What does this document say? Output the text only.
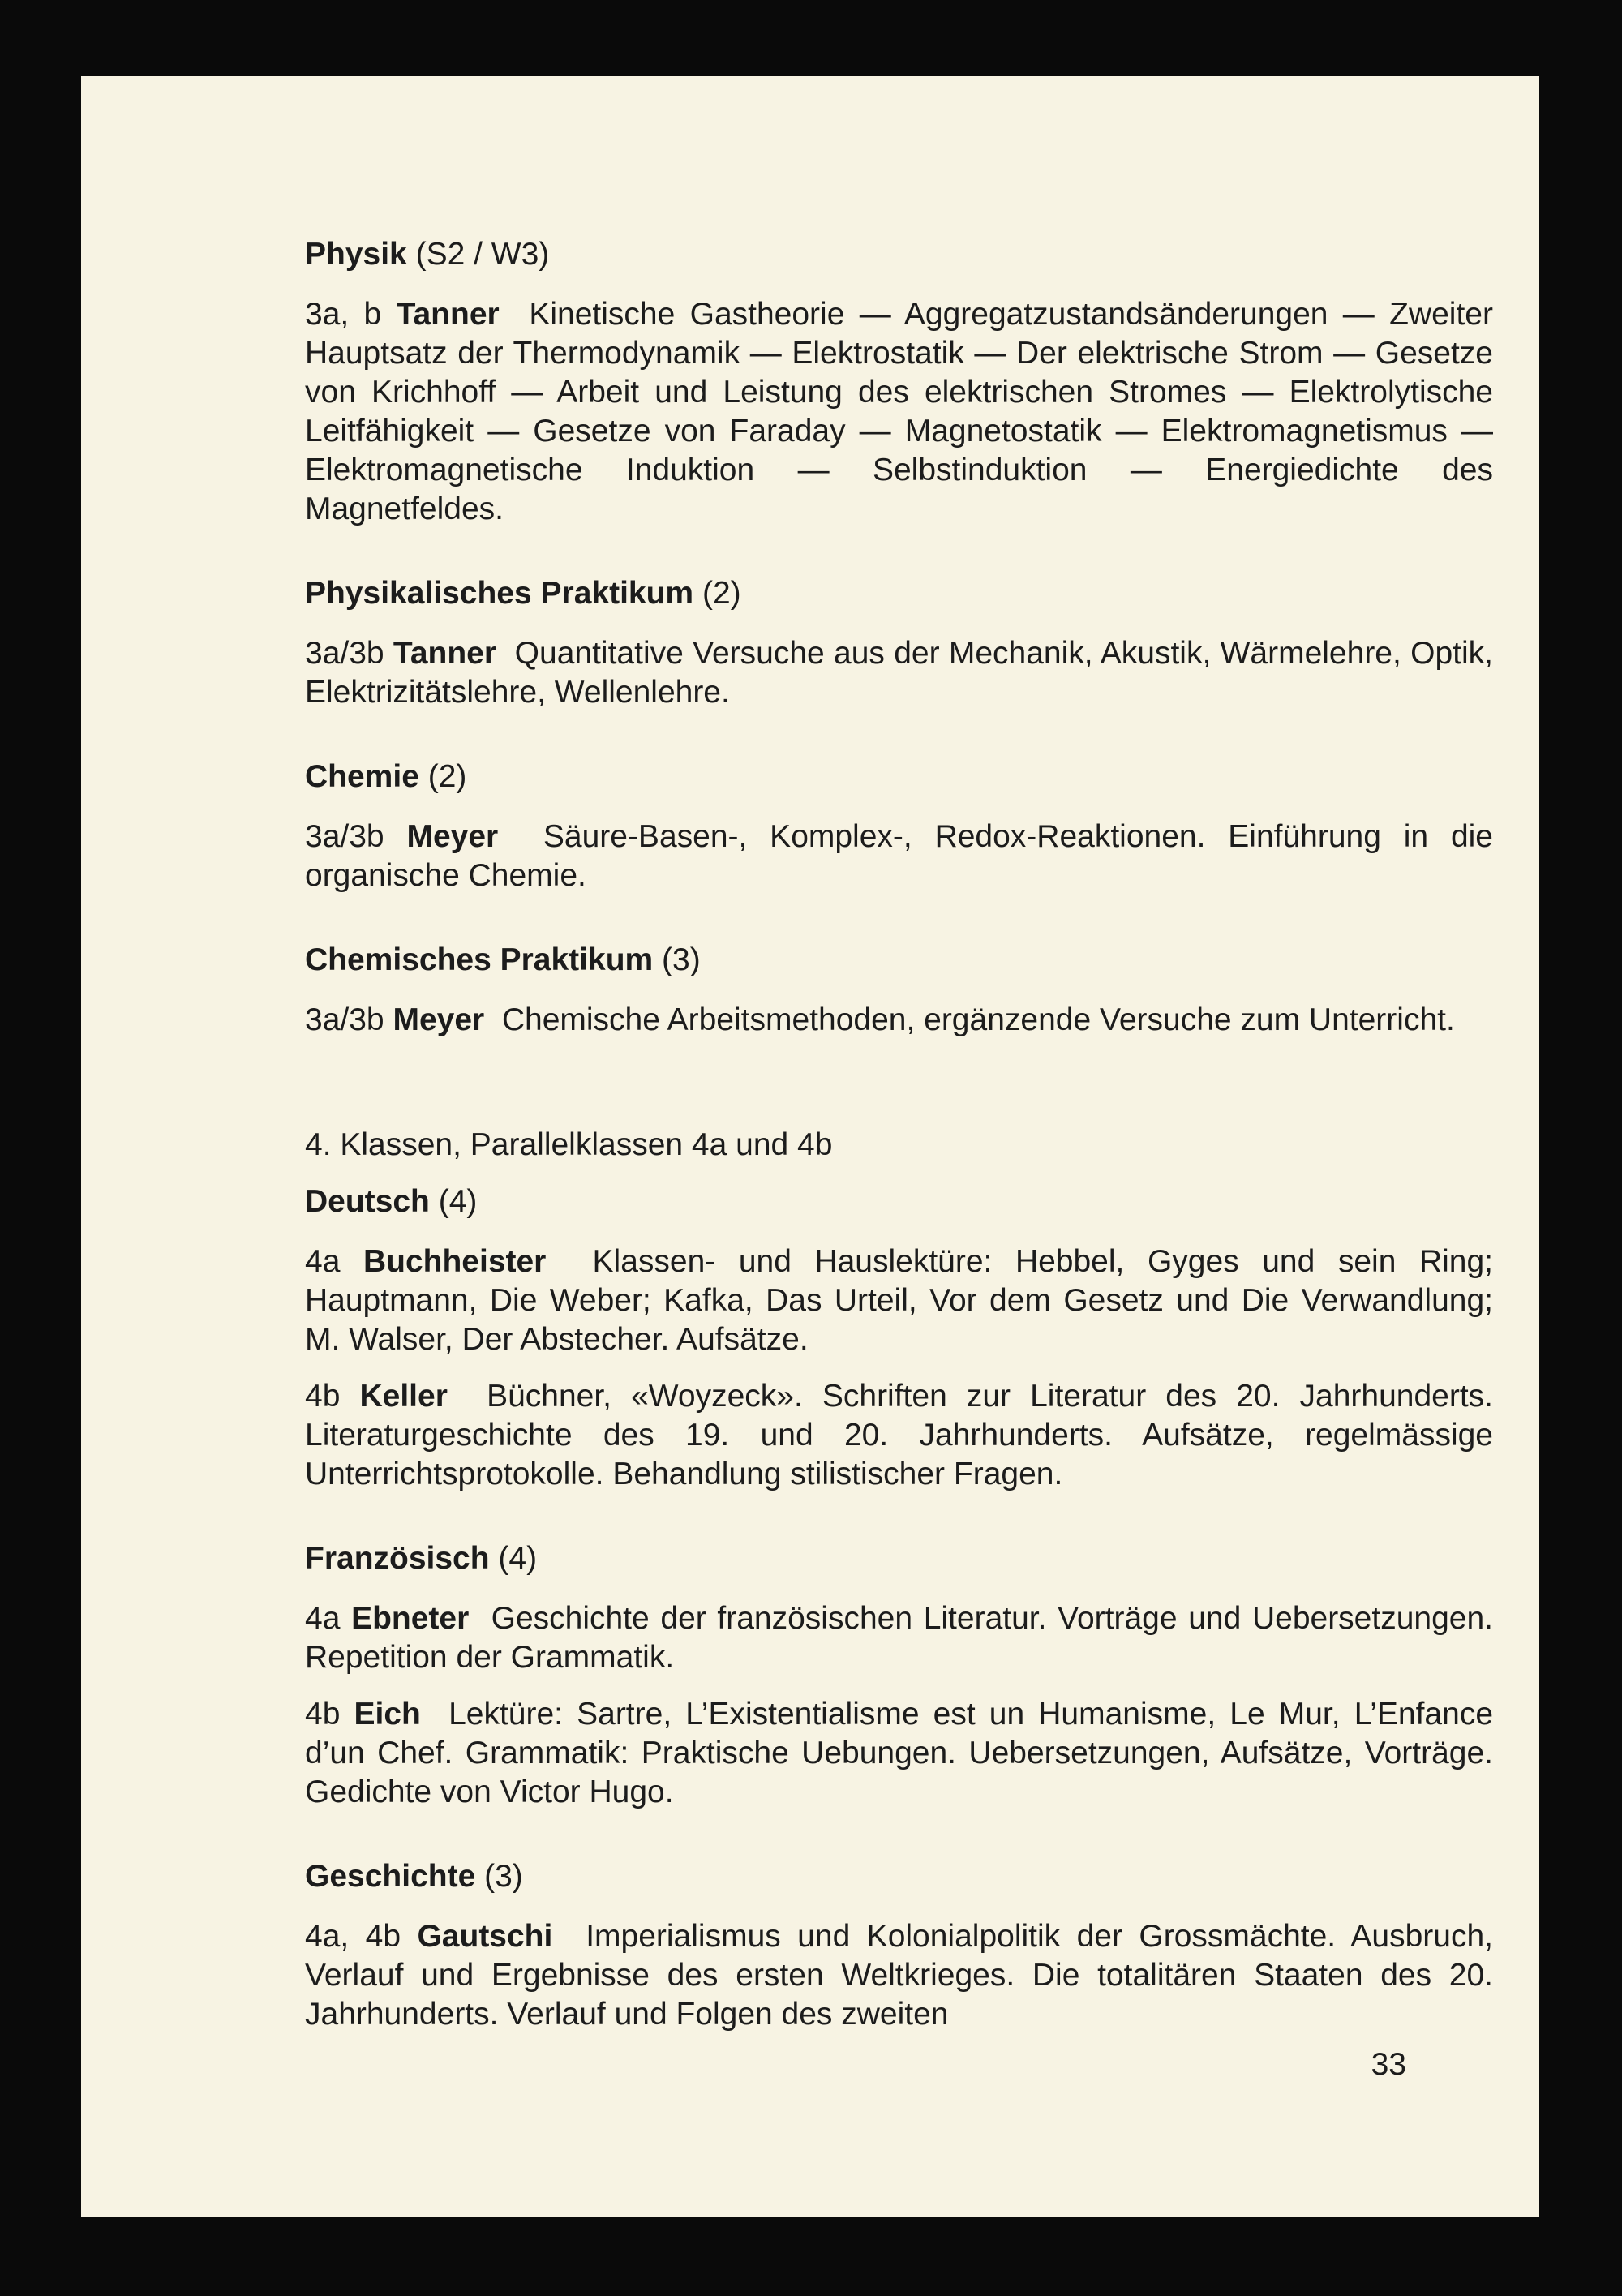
Physik (S2 / W3)

3a, b Tanner Kinetische Gastheorie — Aggregatzustandsänderungen — Zweiter Hauptsatz der Thermodynamik — Elektrostatik — Der elektrische Strom — Gesetze von Krichhoff — Arbeit und Leistung des elektrischen Stromes — Elektrolytische Leitfähigkeit — Gesetze von Faraday — Magnetostatik — Elektromagnetismus — Elektromagnetische Induktion — Selbstinduktion — Energiedichte des Magnetfeldes.

Physikalisches Praktikum (2)

3a/3b Tanner Quantitative Versuche aus der Mechanik, Akustik, Wärmelehre, Optik, Elektrizitätslehre, Wellenlehre.

Chemie (2)

3a/3b Meyer Säure-Basen-, Komplex-, Redox-Reaktionen. Einführung in die organische Chemie.

Chemisches Praktikum (3)

3a/3b Meyer Chemische Arbeitsmethoden, ergänzende Versuche zum Unterricht.

4. Klassen, Parallelklassen 4a und 4b
Deutsch (4)

4a Buchheister Klassen- und Hauslektüre: Hebbel, Gyges und sein Ring; Hauptmann, Die Weber; Kafka, Das Urteil, Vor dem Gesetz und Die Verwandlung; M. Walser, Der Abstecher. Aufsätze.

4b Keller Büchner, «Woyzeck». Schriften zur Literatur des 20. Jahrhunderts. Literaturgeschichte des 19. und 20. Jahrhunderts. Aufsätze, regelmässige Unterrichtsprotokolle. Behandlung stilistischer Fragen.

Französisch (4)

4a Ebneter Geschichte der französischen Literatur. Vorträge und Uebersetzungen. Repetition der Grammatik.

4b Eich Lektüre: Sartre, L’Existentialisme est un Humanisme, Le Mur, L’Enfance d’un Chef. Grammatik: Praktische Uebungen. Uebersetzungen, Aufsätze, Vorträge. Gedichte von Victor Hugo.

Geschichte (3)

4a, 4b Gautschi Imperialismus und Kolonialpolitik der Grossmächte. Ausbruch, Verlauf und Ergebnisse des ersten Weltkrieges. Die totalitären Staaten des 20. Jahrhunderts. Verlauf und Folgen des zweiten

33
